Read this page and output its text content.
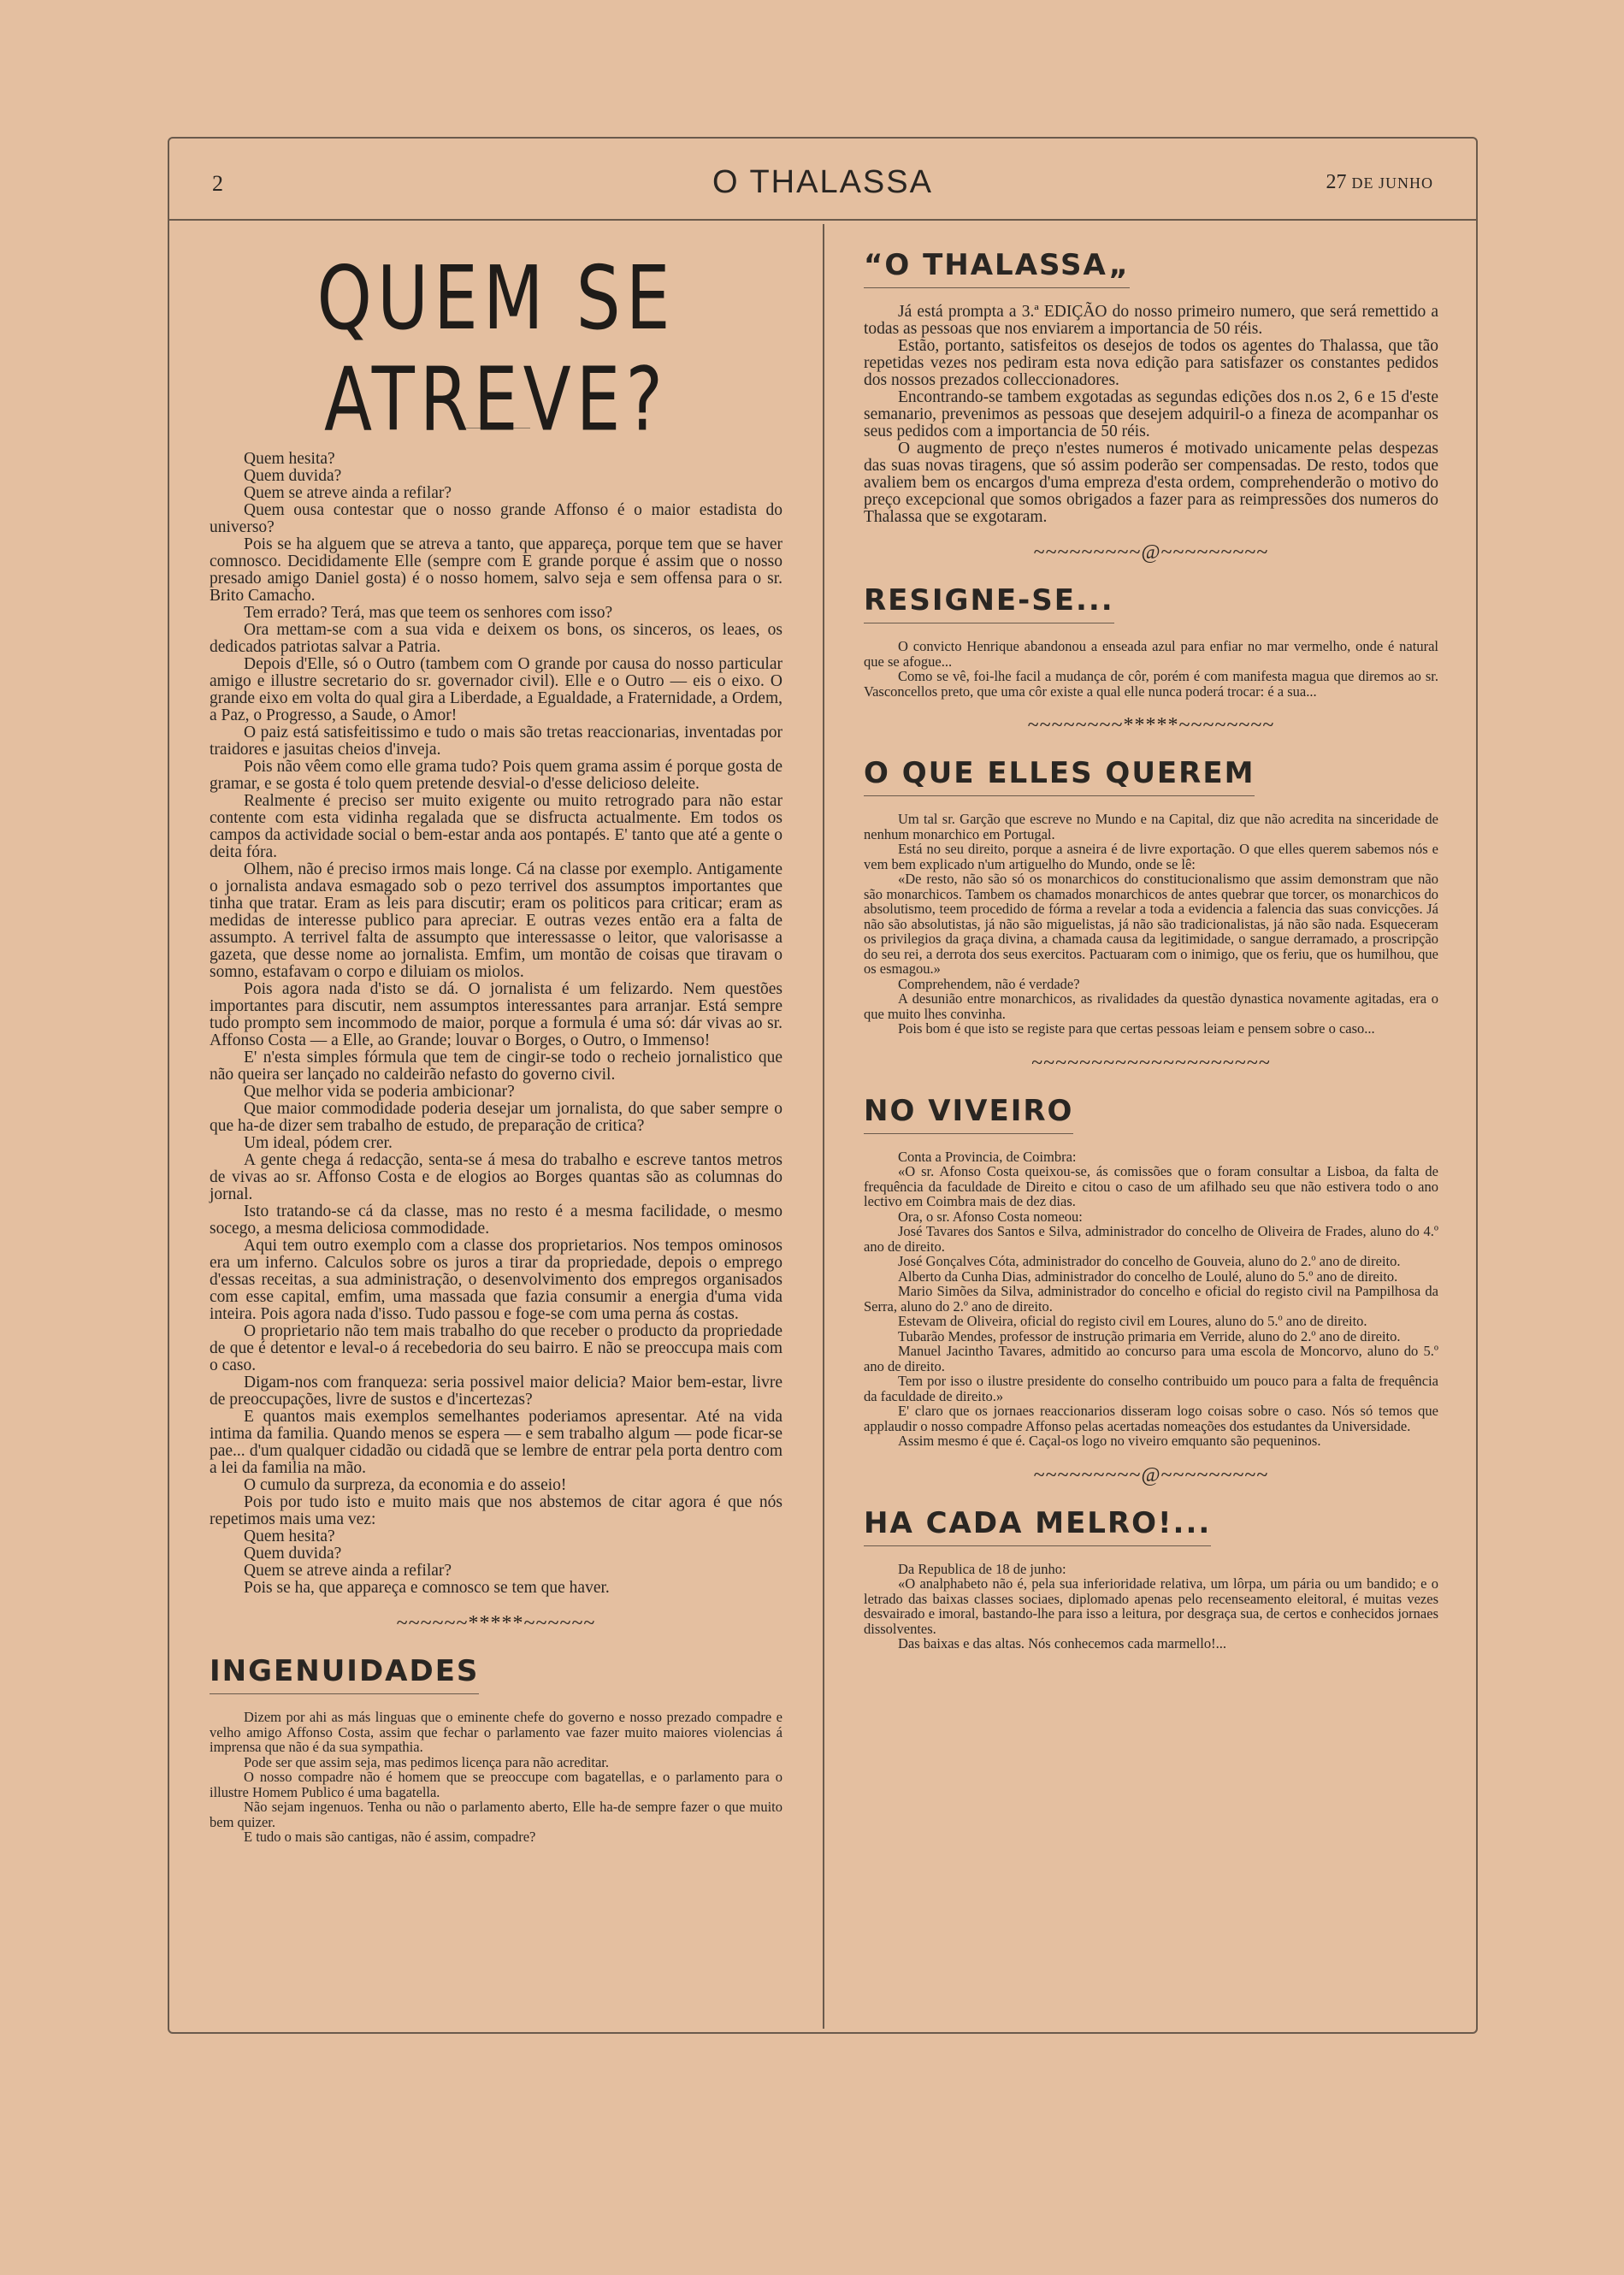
2	O THALASSA	27 DE JUNHO
QUEM SE ATREVE?

Quem hesita?

Quem duvida?

Quem se atreve ainda a refilar?

Quem ousa contestar que o nosso grande Affonso é o maior estadista do universo?

Pois se ha alguem que se atreva a tanto, que appareça, porque tem que se haver comnosco. Decididamente Elle (sempre com E grande porque é assim que o nosso presado amigo Daniel gosta) é o nosso homem, salvo seja e sem offensa para o sr. Brito Camacho.

Tem errado? Terá, mas que teem os senhores com isso?

Ora mettam-se com a sua vida e deixem os bons, os sinceros, os leaes, os dedicados patriotas salvar a Patria.

Depois d'Elle, só o Outro (tambem com O grande por causa do nosso particular amigo e illustre secretario do sr. governador civil). Elle e o Outro — eis o eixo. O grande eixo em volta do qual gira a Liberdade, a Egualdade, a Fraternidade, a Ordem, a Paz, o Progresso, a Saude, o Amor!

O paiz está satisfeitissimo e tudo o mais são tretas reaccionarias, inventadas por traidores e jasuitas cheios d'inveja.

Pois não vêem como elle grama tudo? Pois quem grama assim é porque gosta de gramar, e se gosta é tolo quem pretende desvial-o d'esse delicioso deleite.

Realmente é preciso ser muito exigente ou muito retrogrado para não estar contente com esta vidinha regalada que se disfructa actualmente. Em todos os campos da actividade social o bem-estar anda aos pontapés. E' tanto que até a gente o deita fóra.

Olhem, não é preciso irmos mais longe. Cá na classe por exemplo. Antigamente o jornalista andava esmagado sob o pezo terrivel dos assumptos importantes que tinha que tratar. Eram as leis para discutir; eram os politicos para criticar; eram as medidas de interesse publico para apreciar. E outras vezes então era a falta de assumpto. A terrivel falta de assumpto que interessasse o leitor, que valorisasse a gazeta, que desse nome ao jornalista. Emfim, um montão de coisas que tiravam o somno, estafavam o corpo e diluiam os miolos.

Pois agora nada d'isto se dá. O jornalista é um felizardo. Nem questões importantes para discutir, nem assumptos interessantes para arranjar. Está sempre tudo prompto sem incommodo de maior, porque a formula é uma só: dár vivas ao sr. Affonso Costa — a Elle, ao Grande; louvar o Borges, o Outro, o Immenso!

E' n'esta simples fórmula que tem de cingir-se todo o recheio jornalistico que não queira ser lançado no caldeirão nefasto do governo civil.

Que melhor vida se poderia ambicionar?

Que maior commodidade poderia desejar um jornalista, do que saber sempre o que ha-de dizer sem trabalho de estudo, de preparação de critica?

Um ideal, pódem crer.

A gente chega á redacção, senta-se á mesa do trabalho e escreve tantos metros de vivas ao sr. Affonso Costa e de elogios ao Borges quantas são as columnas do jornal.

Isto tratando-se cá da classe, mas no resto é a mesma facilidade, o mesmo socego, a mesma deliciosa commodidade.

Aqui tem outro exemplo com a classe dos proprietarios. Nos tempos ominosos era um inferno. Calculos sobre os juros a tirar da propriedade, depois o emprego d'essas receitas, a sua administração, o desenvolvimento dos empregos organisados com esse capital, emfim, uma massada que fazia consumir a energia d'uma vida inteira. Pois agora nada d'isso. Tudo passou e foge-se com uma perna ás costas.

O proprietario não tem mais trabalho do que receber o producto da propriedade de que é detentor e leval-o á recebedoria do seu bairro. E não se preoccupa mais com o caso.

Digam-nos com franqueza: seria possivel maior delicia? Maior bem-estar, livre de preoccupações, livre de sustos e d'incertezas?

E quantos mais exemplos semelhantes poderiamos apresentar. Até na vida intima da familia. Quando menos se espera — e sem trabalho algum — pode ficar-se pae... d'um qualquer cidadão ou cidadã que se lembre de entrar pela porta dentro com a lei da familia na mão.

O cumulo da surpreza, da economia e do asseio!

Pois por tudo isto e muito mais que nos abstemos de citar agora é que nós repetimos mais uma vez:

Quem hesita?

Quem duvida?

Quem se atreve ainda a refilar?

Pois se ha, que appareça e comnosco se tem que haver.

~~~~~~*****~~~~~~
INGENUIDADES

Dizem por ahi as más linguas que o eminente chefe do governo e nosso prezado compadre e velho amigo Affonso Costa, assim que fechar o parlamento vae fazer muito maiores violencias á imprensa que não é da sua sympathia.

Pode ser que assim seja, mas pedimos licença para não acreditar.

O nosso compadre não é homem que se preoccupe com bagatellas, e o parlamento para o illustre Homem Publico é uma bagatella.

Não sejam ingenuos. Tenha ou não o parlamento aberto, Elle ha-de sempre fazer o que muito bem quizer.

E tudo o mais são cantigas, não é assim, compadre?

“O THALASSA„

Já está prompta a 3.ª EDIÇÃO do nosso primeiro numero, que será remettido a todas as pessoas que nos enviarem a importancia de 50 réis.

Estão, portanto, satisfeitos os desejos de todos os agentes do Thalassa, que tão repetidas vezes nos pediram esta nova edição para satisfazer os constantes pedidos dos nossos prezados colleccionadores.

Encontrando-se tambem exgotadas as segundas edições dos n.os 2, 6 e 15 d'este semanario, prevenimos as pessoas que desejem adquiril-o a fineza de acompanhar os seus pedidos com a importancia de 50 réis.

O augmento de preço n'estes numeros é motivado unicamente pelas despezas das suas novas tiragens, que só assim poderão ser compensadas. De resto, todos que avaliem bem os encargos d'uma empreza d'esta ordem, comprehenderão o motivo do preço excepcional que somos obrigados a fazer para as reimpressões dos numeros do Thalassa que se exgotaram.

~~~~~~~~~@~~~~~~~~~
RESIGNE-SE...

O convicto Henrique abandonou a enseada azul para enfiar no mar vermelho, onde é natural que se afogue...

Como se vê, foi-lhe facil a mudança de côr, porém é com manifesta magua que diremos ao sr. Vasconcellos preto, que uma côr existe a qual elle nunca poderá trocar: é a sua...

~~~~~~~~*****~~~~~~~~
O QUE ELLES QUEREM

Um tal sr. Garção que escreve no Mundo e na Capital, diz que não acredita na sinceridade de nenhum monarchico em Portugal.

Está no seu direito, porque a asneira é de livre exportação. O que elles querem sabemos nós e vem bem explicado n'um artiguelho do Mundo, onde se lê:

«De resto, não são só os monarchicos do constitucionalismo que assim demonstram que não são monarchicos. Tambem os chamados monarchicos de antes quebrar que torcer, os monarchicos do absolutismo, teem procedido de fórma a revelar a toda a evidencia a falencia das suas convicções. Já não são absolutistas, já não são miguelistas, já não são tradicionalistas, já não são nada. Esqueceram os privilegios da graça divina, a chamada causa da legitimidade, o sangue derramado, a proscripção do seu rei, a derrota dos seus exercitos. Pactuaram com o inimigo, que os feriu, que os humilhou, que os esmagou.»

Comprehendem, não é verdade?

A desunião entre monarchicos, as rivalidades da questão dynastica novamente agitadas, era o que muito lhes convinha.

Pois bom é que isto se registe para que certas pessoas leiam e pensem sobre o caso...

~~~~~~~~~~~~~~~~~~~~
NO VIVEIRO

Conta a Provincia, de Coimbra:

«O sr. Afonso Costa queixou-se, ás comissões que o foram consultar a Lisboa, da falta de frequência da faculdade de Direito e citou o caso de um afilhado seu que não estivera todo o ano lectivo em Coimbra mais de dez dias.

Ora, o sr. Afonso Costa nomeou:

José Tavares dos Santos e Silva, administrador do concelho de Oliveira de Frades, aluno do 4.º ano de direito.

José Gonçalves Cóta, administrador do concelho de Gouveia, aluno do 2.º ano de direito.

Alberto da Cunha Dias, administrador do concelho de Loulé, aluno do 5.º ano de direito.

Mario Simões da Silva, administrador do concelho e oficial do registo civil na Pampilhosa da Serra, aluno do 2.º ano de direito.

Estevam de Oliveira, oficial do registo civil em Loures, aluno do 5.º ano de direito.

Tubarão Mendes, professor de instrução primaria em Verride, aluno do 2.º ano de direito.

Manuel Jacintho Tavares, admitido ao concurso para uma escola de Moncorvo, aluno do 5.º ano de direito.

Tem por isso o ilustre presidente do conselho contribuido um pouco para a falta de frequência da faculdade de direito.»

E' claro que os jornaes reaccionarios disseram logo coisas sobre o caso. Nós só temos que applaudir o nosso compadre Affonso pelas acertadas nomeações dos estudantes da Universidade.

Assim mesmo é que é. Caçal-os logo no viveiro emquanto são pequeninos.

~~~~~~~~~@~~~~~~~~~
HA CADA MELRO!...

Da Republica de 18 de junho:

«O analphabeto não é, pela sua inferioridade relativa, um lôrpa, um pária ou um bandido; e o letrado das baixas classes sociaes, diplomado apenas pelo recenseamento eleitoral, é muitas vezes desvairado e imoral, bastando-lhe para isso a leitura, por desgraça sua, de certos e conhecidos jornaes dissolventes.

Das baixas e das altas. Nós conhecemos cada marmello!...
